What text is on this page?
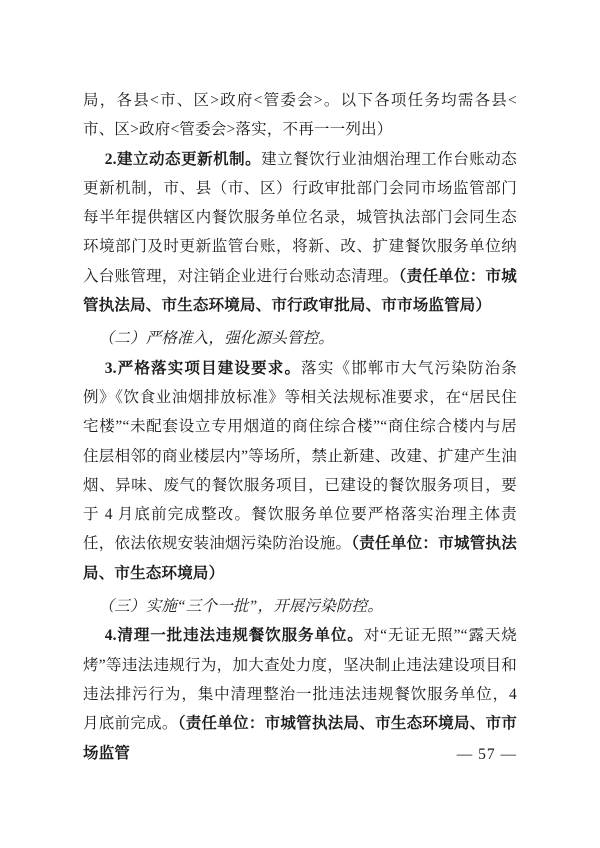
局，各县<市、区>政府<管委会>。以下各项任务均需各县<市、区>政府<管委会>落实，不再一一列出）

2.建立动态更新机制。建立餐饮行业油烟治理工作台账动态更新机制，市、县（市、区）行政审批部门会同市场监管部门每半年提供辖区内餐饮服务单位名录，城管执法部门会同生态环境部门及时更新监管台账，将新、改、扩建餐饮服务单位纳入台账管理，对注销企业进行台账动态清理。（责任单位：市城管执法局、市生态环境局、市行政审批局、市市场监管局）

（二）严格准入，强化源头管控。

3.严格落实项目建设要求。落实《邯郸市大气污染防治条例》《饮食业油烟排放标准》等相关法规标准要求，在“居民住宅楼”“未配套设立专用烟道的商住综合楼”“商住综合楼内与居住层相邻的商业楼层内”等场所，禁止新建、改建、扩建产生油烟、异味、废气的餐饮服务项目，已建设的餐饮服务项目，要于 4 月底前完成整改。餐饮服务单位要严格落实治理主体责任，依法依规安装油烟污染防治设施。（责任单位：市城管执法局、市生态环境局）

（三）实施“三个一批”，开展污染防控。

4.清理一批违法违规餐饮服务单位。对“无证无照”“露天烧烤”等违法违规行为，加大查处力度，坚决制止违法建设项目和违法排污行为，集中清理整治一批违法违规餐饮服务单位，4 月底前完成。（责任单位：市城管执法局、市生态环境局、市市场监管	— 57 —
